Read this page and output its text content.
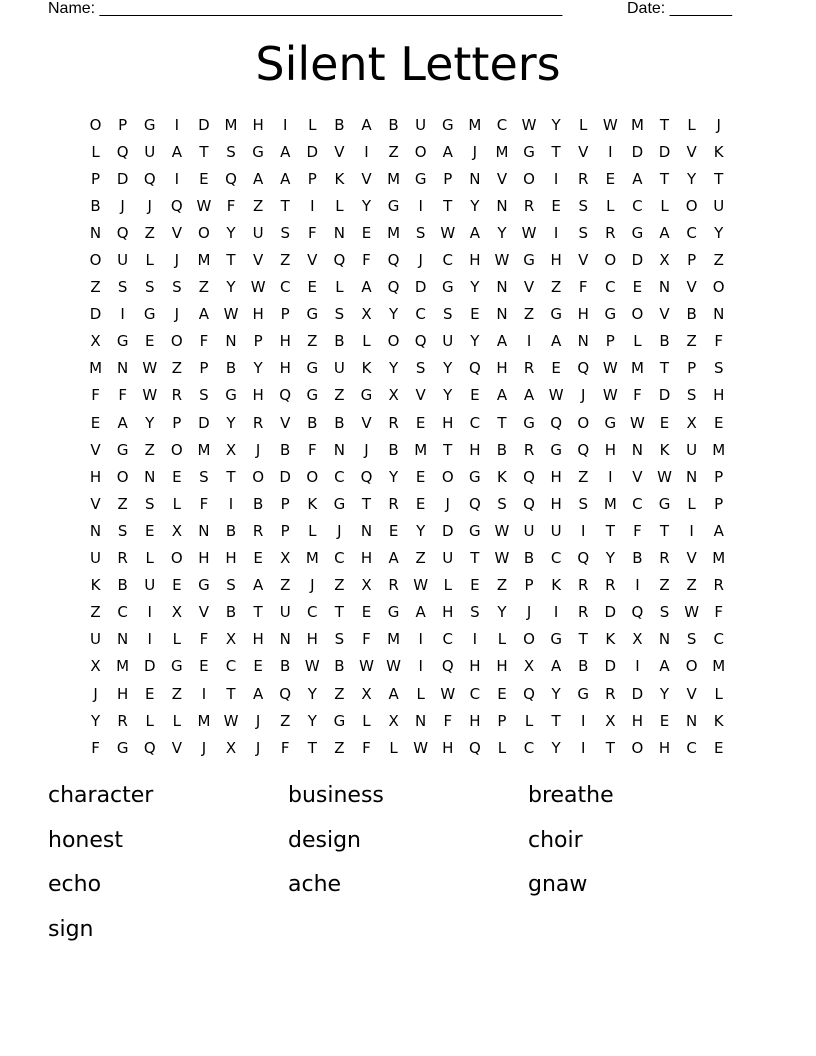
Name: ____________________________________________________	Date: _______
Silent Letters
O	P	G	I	D M H	I	L	B	A	B	U	G M	C W	Y	L	W M	T	L	J
L	Q	U	A	T	S	G	A	D	V	I	Z	O	A	J	M G	T	V	I	D	D	V	K
P	D	Q	I	E	Q	A	A	P	K	V	M G	P	N	V	O	I	R	E	A	T	Y	T
B	J	J	Q W	F	Z	T	I	L	Y	G	I	T	Y	N	R	E	S	L	C	L	O	U
N	Q	Z	V	O	Y	U	S	F	N	E	M	S W A	Y	W	I	S	R	G	A	C	Y
O	U	L	J	M	T	V	Z	V	Q	F	Q	J	C	H W G	H	V	O	D	X	P	Z
Z	S	S	S	Z	Y	W C	E	L	A	Q	D	G	Y	N	V	Z	F	C	E	N	V	O
D	I	G	J	A W H	P	G	S	X	Y	C	S	E	N	Z	G	H	G	O	V	B	N
X	G	E	O	F	N	P	H	Z	B	L	O	Q	U	Y	A	I	A	N	P	L	B	Z	F
M	N W Z	P	B	Y	H	G	U	K	Y	S	Y	Q	H	R	E	Q W M	T	P	S
F	F	W R	S	G	H	Q	G	Z	G	X	V	Y	E	A	A W	J	W	F	D	S	H
E	A	Y	P	D	Y	R	V	B	B	V	R	E	H	C	T	G	Q	O	G W E	X	E
V	G	Z	O M	X	J	B	F	N	J	B	M	T	H	B	R	G	Q	H	N	K	U	M
H	O	N	E	S	T	O	D	O	C	Q	Y	E	O	G	K	Q	H	Z	I	V W N	P
V	Z	S	L	F	I	B	P	K	G	T	R	E	J	Q	S	Q	H	S	M	C	G	L	P
N	S	E	X	N	B	R	P	L	J	N	E	Y	D	G W U	U	I	T	F	T	I	A
U	R	L	O	H	H	E	X	M	C	H	A	Z	U	T	W B	C	Q	Y	B	R	V	M
K	B	U	E	G	S	A	Z	J	Z	X	R W	L	E	Z	P	K	R	R	I	Z	Z	R
Z	C	I	X	V	B	T	U	C	T	E	G	A	H	S	Y	J	I	R	D	Q	S W	F
U	N	I	L	F	X	H	N	H	S	F	M	I	C	I	L	O	G	T	K	X	N	S	C
X	M D	G	E	C	E	B W B W W	I	Q	H	H	X	A	B	D	I	A	O M
J	H	E	Z	I	T	A	Q	Y	Z	X	A	L	W C	E	Q	Y	G	R	D	Y	V	L
Y	R	L	L	M W	J	Z	Y	G	L	X	N	F	H	P	L	T	I	X	H	E	N	K
F	G	Q	V	J	X	J	F	T	Z	F	L	W H	Q	L	C	Y	I	T	O	H	C	E
character	business	breathe
honest	design	choir
echo	ache	gnaw
sign
